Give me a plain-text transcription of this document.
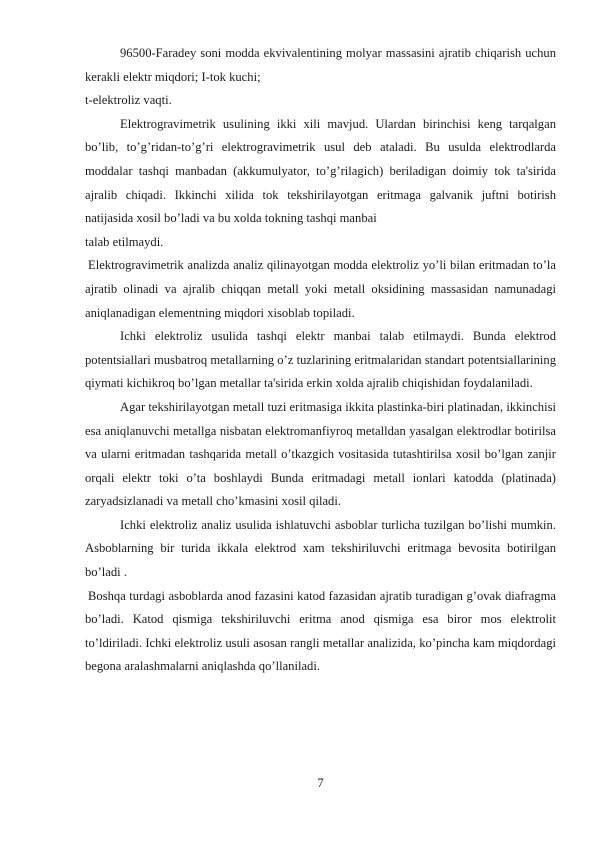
96500-Faradey soni modda ekvivalentining molyar massasini ajratib chiqarish uchun kerakli elektr miqdori; I-tok kuchi;

t-elektroliz vaqti.

Elektrogravimetrik usulining ikki xili mavjud. Ulardan birinchisi keng tarqalgan bo’lib, to’g’ridan-to’g’ri elektrogravimetrik usul deb ataladi. Bu usulda elektrodlarda moddalar tashqi manbadan (akkumulyator, to’g’rilagich) beriladigan doimiy tok ta'sirida ajralib chiqadi. Ikkinchi xilida tok tekshirilayotgan eritmaga galvanik juftni botirish natijasida xosil bo’ladi va bu xolda tokning tashqi manbai

talab etilmaydi.

Elektrogravimetrik analizda analiz qilinayotgan modda elektroliz yo’li bilan eritmadan to’la ajratib olinadi va ajralib chiqqan metall yoki metall oksidining massasidan namunadagi aniqlanadigan elementning miqdori xisoblab topiladi.

Ichki elektroliz usulida tashqi elektr manbai talab etilmaydi. Bunda elektrod potentsiallari musbatroq metallarning o’z tuzlarining eritmalaridan standart potentsiallarining qiymati kichikroq bo’lgan metallar ta'sirida erkin xolda ajralib chiqishidan foydalaniladi.

Agar tekshirilayotgan metall tuzi eritmasiga ikkita plastinka-biri platinadan, ikkinchisi esa aniqlanuvchi metallga nisbatan elektromanfiyroq metalldan yasalgan elektrodlar botirilsa va ularni eritmadan tashqarida metall o’tkazgich vositasida tutashtirilsa xosil bo’lgan zanjir orqali elektr toki o’ta boshlaydi Bunda eritmadagi metall ionlari katodda (platinada) zaryadsizlanadi va metall cho’kmasini xosil qiladi.

Ichki elektroliz analiz usulida ishlatuvchi asboblar turlicha tuzilgan bo’lishi mumkin. Asboblarning bir turida ikkala elektrod xam tekshiriluvchi eritmaga bevosita botirilgan bo’ladi .

Boshqa turdagi asboblarda anod fazasini katod fazasidan ajratib turadigan g’ovak diafragma bo’ladi. Katod qismiga tekshiriluvchi eritma anod qismiga esa biror mos elektrolit to’ldiriladi. Ichki elektroliz usuli asosan rangli metallar analizida, ko’pincha kam miqdordagi begona aralashmalarni aniqlashda qo’llaniladi.

7
